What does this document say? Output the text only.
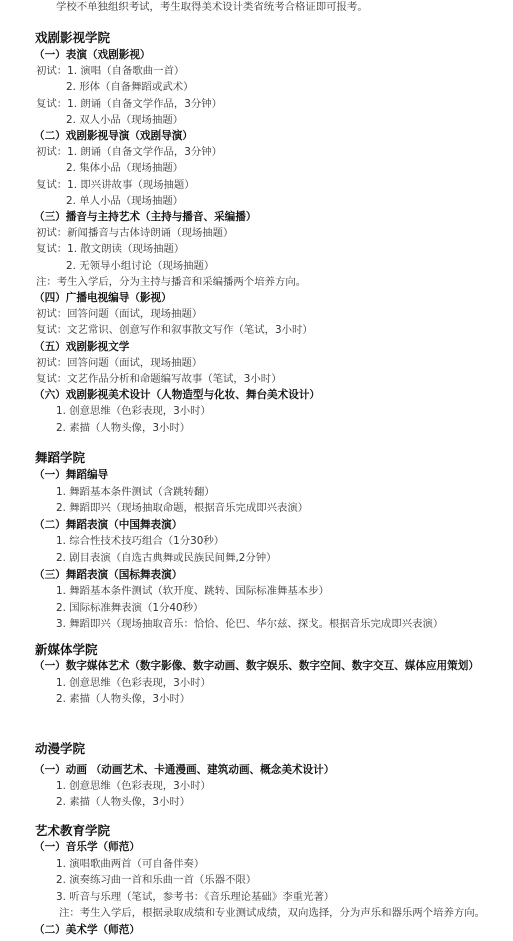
学校不单独组织考试，考生取得美术设计类省统考合格证即可报考。
戏剧影视学院
（一）表演（戏剧影视）
初试：1. 演唱（自备歌曲一首）
2. 形体（自备舞蹈或武术）
复试：1. 朗诵（自备文学作品，3分钟）
2. 双人小品（现场抽题）
（二）戏剧影视导演（戏剧导演）
初试：1. 朗诵（自备文学作品，3分钟）
2. 集体小品（现场抽题）
复试：1. 即兴讲故事（现场抽题）
2. 单人小品（现场抽题）
（三）播音与主持艺术（主持与播音、采编播）
初试：新闻播音与古体诗朗诵（现场抽题）
复试：1. 散文朗读（现场抽题）
2. 无领导小组讨论（现场抽题）
注：考生入学后，分为主持与播音和采编播两个培养方向。
（四）广播电视编导（影视）
初试：回答问题（面试，现场抽题）
复试：文艺常识、创意写作和叙事散文写作（笔试，3小时）
（五）戏剧影视文学
初试：回答问题（面试，现场抽题）
复试：文艺作品分析和命题编写故事（笔试，3小时）
（六）戏剧影视美术设计（人物造型与化妆、舞台美术设计）
1. 创意思维（色彩表现，3小时）
2. 素描（人物头像，3小时）
舞蹈学院
（一）舞蹈编导
1. 舞蹈基本条件测试（含跳转翻）
2. 舞蹈即兴（现场抽取命题，根据音乐完成即兴表演）
（二）舞蹈表演（中国舞表演）
1. 综合性技术技巧组合（1分30秒）
2. 剧目表演（自选古典舞或民族民间舞,2分钟）
（三）舞蹈表演（国标舞表演）
1. 舞蹈基本条件测试（软开度、跳转、国际标准舞基本步）
2. 国际标准舞表演（1分40秒）
3. 舞蹈即兴（现场抽取音乐：恰恰、伦巴、华尔兹、探戈。根据音乐完成即兴表演）
新媒体学院
（一）数字媒体艺术（数字影像、数字动画、数字娱乐、数字空间、数字交互、媒体应用策划）
1. 创意思维（色彩表现，3小时）
2. 素描（人物头像，3小时）
动漫学院
（一）动画 （动画艺术、卡通漫画、建筑动画、概念美术设计）
1. 创意思维（色彩表现，3小时）
2. 素描（人物头像，3小时）
艺术教育学院
（一）音乐学（师范）
1. 演唱歌曲两首（可自备伴奏）
2. 演奏练习曲一首和乐曲一首（乐器不限）
3. 听音与乐理（笔试，参考书：《音乐理论基础》李重光著）
注：考生入学后，根据录取成绩和专业测试成绩，双向选择，分为声乐和器乐两个培养方向。
（二）美术学（师范）
